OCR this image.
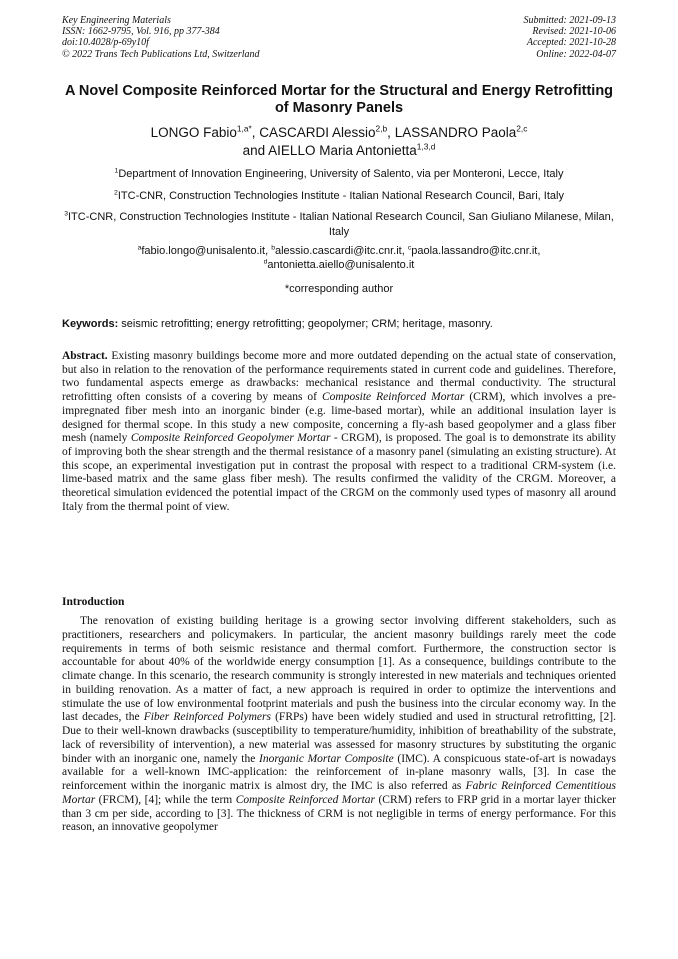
Key Engineering Materials
ISSN: 1662-9795, Vol. 916, pp 377-384
doi:10.4028/p-69y10f
© 2022 Trans Tech Publications Ltd, Switzerland
Submitted: 2021-09-13
Revised: 2021-10-06
Accepted: 2021-10-28
Online: 2022-04-07
A Novel Composite Reinforced Mortar for the Structural and Energy Retrofitting of Masonry Panels
LONGO Fabio$^{1,a*}$, CASCARDI Alessio$^{2,b}$, LASSANDRO Paola$^{2,c}$
and AIELLO Maria Antonietta$^{1,3,d}$
$^1$Department of Innovation Engineering, University of Salento, via per Monteroni, Lecce, Italy
$^2$ITC-CNR, Construction Technologies Institute - Italian National Research Council, Bari, Italy
$^3$ITC-CNR, Construction Technologies Institute - Italian National Research Council, San Giuliano Milanese, Milan, Italy
$^a$fabio.longo@unisalento.it, $^b$alessio.cascardi@itc.cnr.it, $^c$paola.lassandro@itc.cnr.it,
$^d$antonietta.aiello@unisalento.it
*corresponding author
Keywords: seismic retrofitting; energy retrofitting; geopolymer; CRM; heritage, masonry.
Abstract. Existing masonry buildings become more and more outdated depending on the actual state of conservation, but also in relation to the renovation of the performance requirements stated in current code and guidelines. Therefore, two fundamental aspects emerge as drawbacks: mechanical resistance and thermal conductivity. The structural retrofitting often consists of a covering by means of Composite Reinforced Mortar (CRM), which involves a pre-impregnated fiber mesh into an inorganic binder (e.g. lime-based mortar), while an additional insulation layer is designed for thermal scope. In this study a new composite, concerning a fly-ash based geopolymer and a glass fiber mesh (namely Composite Reinforced Geopolymer Mortar - CRGM), is proposed. The goal is to demonstrate its ability of improving both the shear strength and the thermal resistance of a masonry panel (simulating an existing structure). At this scope, an experimental investigation put in contrast the proposal with respect to a traditional CRM-system (i.e. lime-based matrix and the same glass fiber mesh). The results confirmed the validity of the CRGM. Moreover, a theoretical simulation evidenced the potential impact of the CRGM on the commonly used types of masonry all around Italy from the thermal point of view.
Introduction
The renovation of existing building heritage is a growing sector involving different stakeholders, such as practitioners, researchers and policymakers. In particular, the ancient masonry buildings rarely meet the code requirements in terms of both seismic resistance and thermal comfort. Furthermore, the construction sector is accountable for about 40% of the worldwide energy consumption [1]. As a consequence, buildings contribute to the climate change. In this scenario, the research community is strongly interested in new materials and techniques oriented in building renovation. As a matter of fact, a new approach is required in order to optimize the interventions and stimulate the use of low environmental footprint materials and push the business into the circular economy way. In the last decades, the Fiber Reinforced Polymers (FRPs) have been widely studied and used in structural retrofitting, [2]. Due to their well-known drawbacks (susceptibility to temperature/humidity, inhibition of breathability of the substrate, lack of reversibility of intervention), a new material was assessed for masonry structures by substituting the organic binder with an inorganic one, namely the Inorganic Mortar Composite (IMC). A conspicuous state-of-art is nowadays available for a well-known IMC-application: the reinforcement of in-plane masonry walls, [3]. In case the reinforcement within the inorganic matrix is almost dry, the IMC is also referred as Fabric Reinforced Cementitious Mortar (FRCM), [4]; while the term Composite Reinforced Mortar (CRM) refers to FRP grid in a mortar layer thicker than 3 cm per side, according to [3]. The thickness of CRM is not negligible in terms of energy performance. For this reason, an innovative geopolymer
